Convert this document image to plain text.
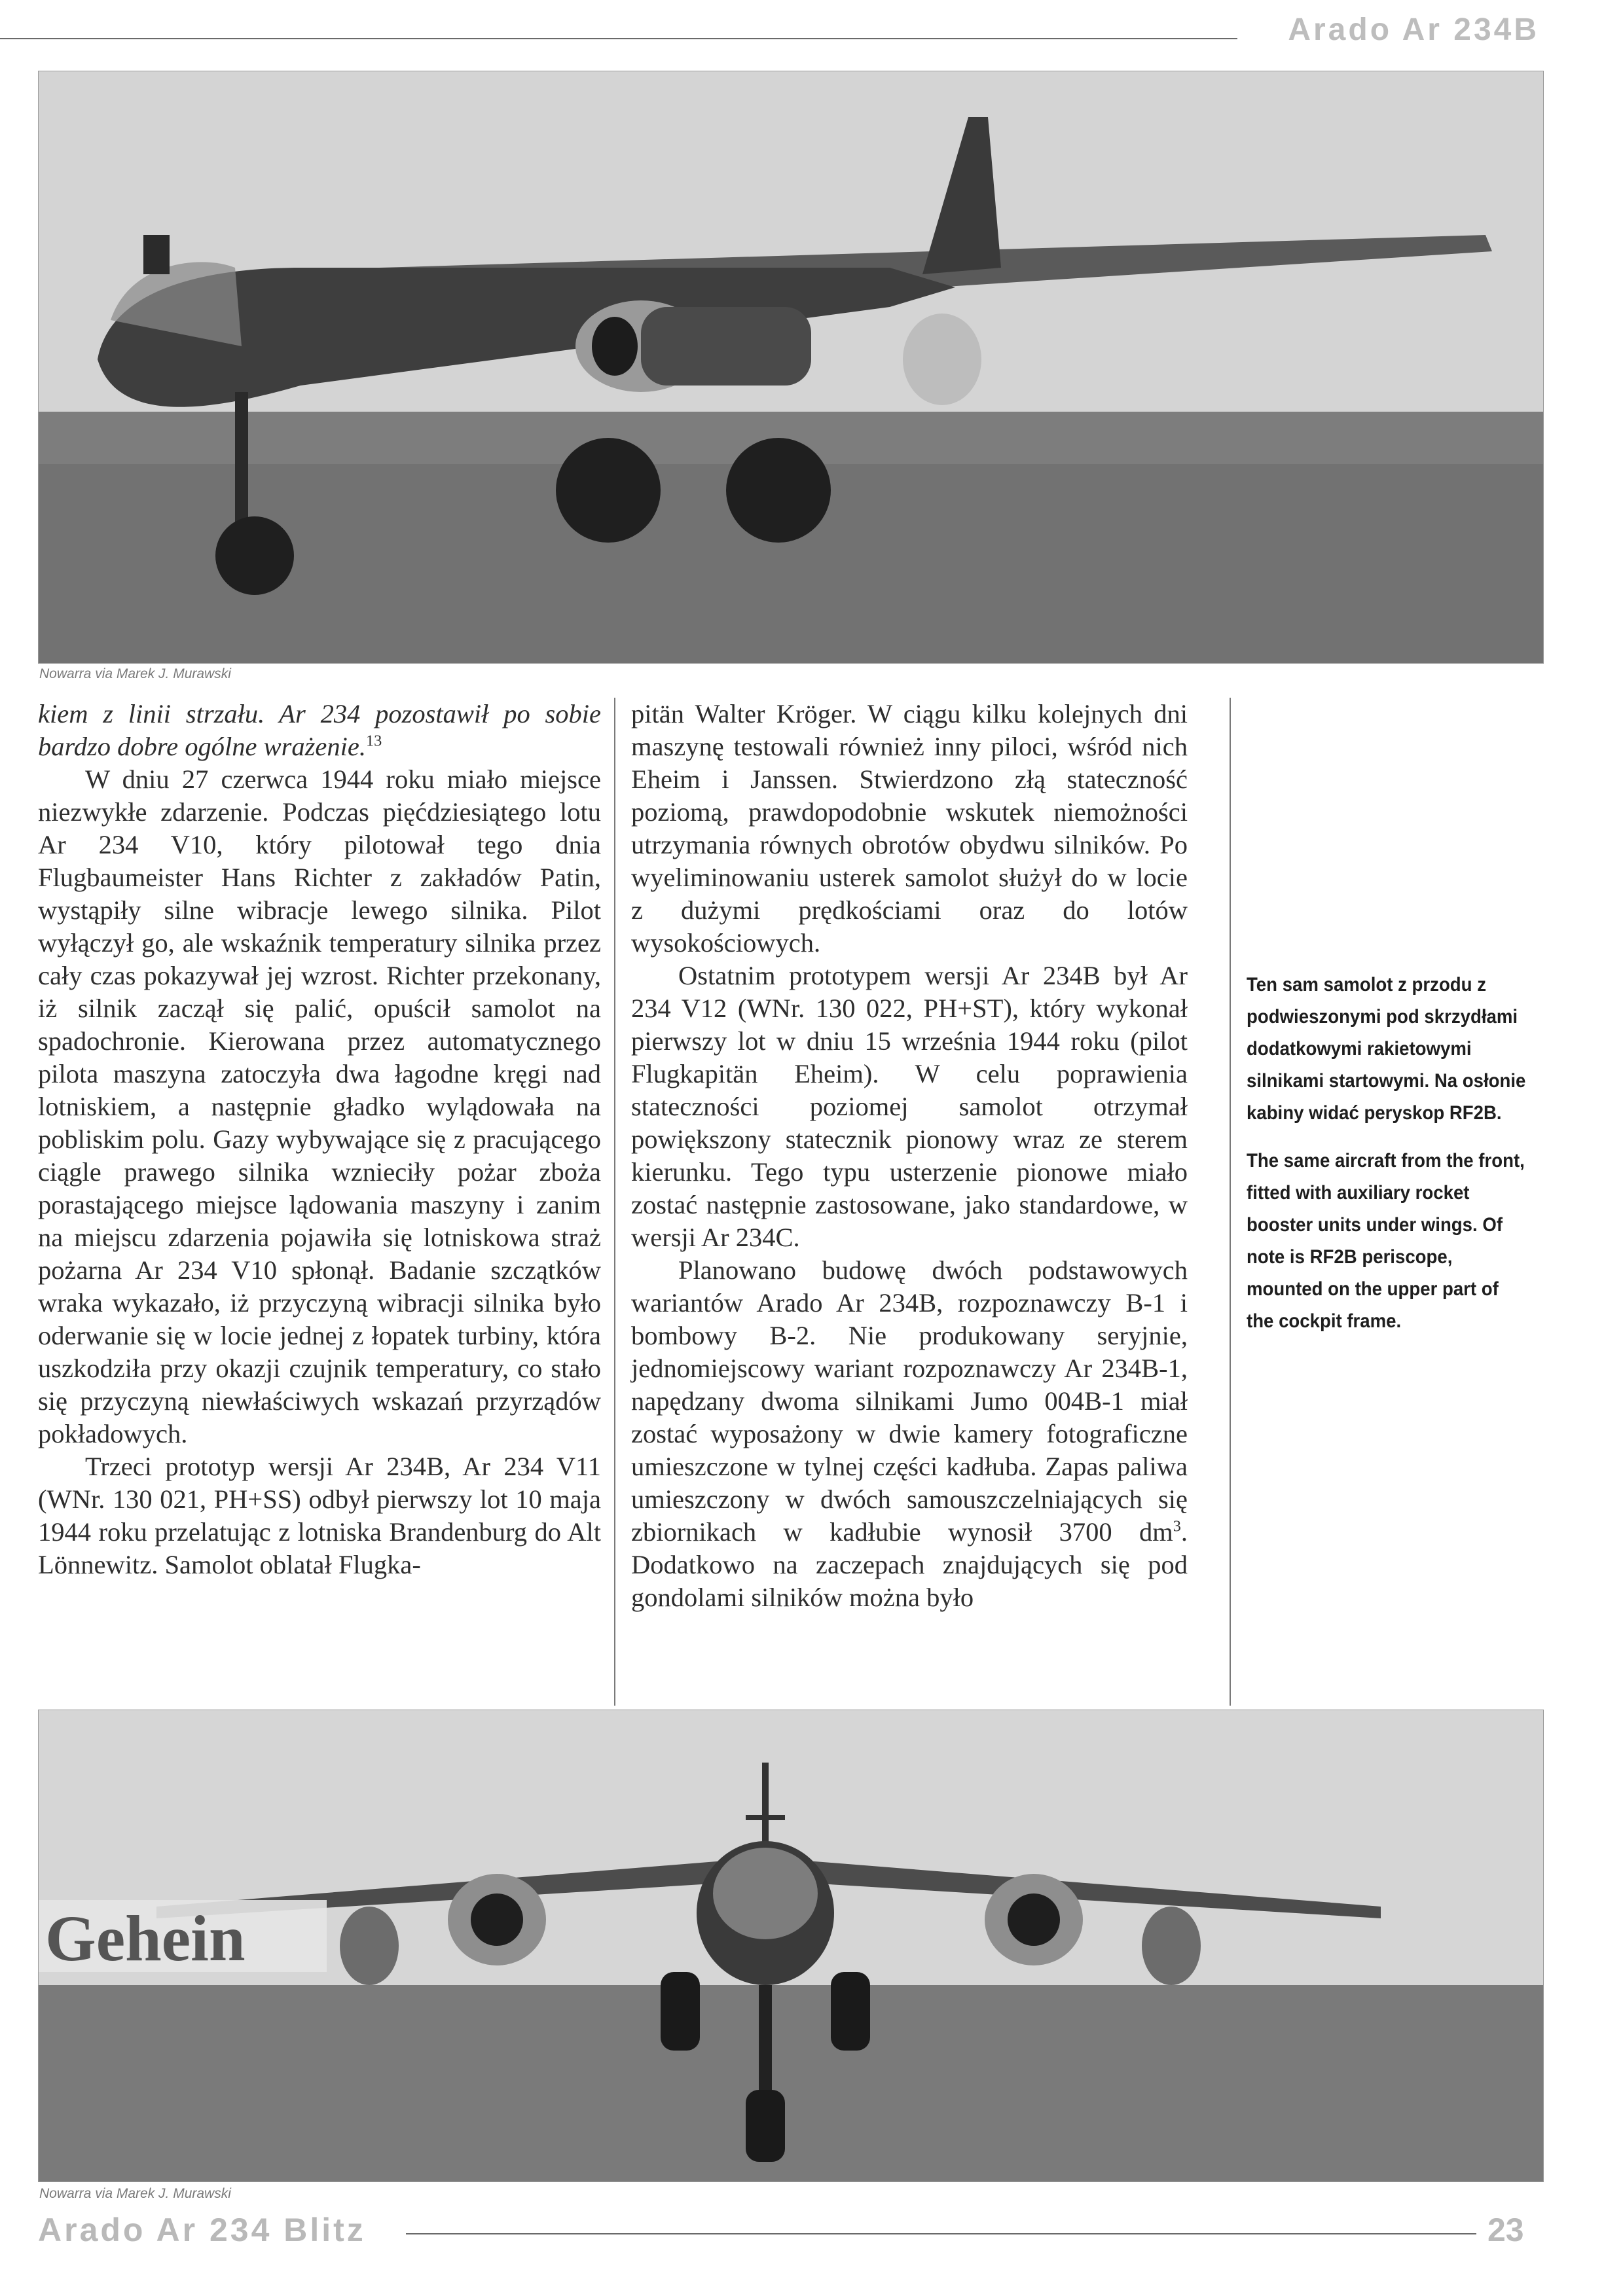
Arado Ar 234B
Nowarra via Marek J. Murawski

kiem z linii strzału. Ar 234 pozostawił po sobie bardzo dobre ogólne wrażenie.$^{13}$

W dniu 27 czerwca 1944 roku miało miejsce niezwykłe zdarzenie. Podczas pięćdziesiątego lotu Ar 234 V10, który pilotował tego dnia Flugbaumeister Hans Richter z zakładów Patin, wystąpiły silne wibracje lewego silnika. Pilot wyłączył go, ale wskaźnik temperatury silnika przez cały czas pokazywał jej wzrost. Richter przekonany, iż silnik zaczął się palić, opuścił samolot na spadochronie. Kierowana przez automatycznego pilota maszyna zatoczyła dwa łagodne kręgi nad lotniskiem, a następnie gładko wylądowała na pobliskim polu. Gazy wybywające się z pracującego ciągle prawego silnika wznieciły pożar zboża porastającego miejsce lądowania maszyny i zanim na miejscu zdarzenia pojawiła się lotniskowa straż pożarna Ar 234 V10 spłonął. Badanie szczątków wraka wykazało, iż przyczyną wibracji silnika było oderwanie się w locie jednej z łopatek turbiny, która uszkodziła przy okazji czujnik temperatury, co stało się przyczyną niewłaściwych wskazań przyrządów pokładowych.

Trzeci prototyp wersji Ar 234B, Ar 234 V11 (WNr. 130 021, PH+SS) odbył pierwszy lot 10 maja 1944 roku przelatując z lotniska Brandenburg do Alt Lönnewitz. Samolot oblatał Flugka-

pitän Walter Kröger. W ciągu kilku kolejnych dni maszynę testowali również inny piloci, wśród nich Eheim i Janssen. Stwierdzono złą stateczność poziomą, prawdopodobnie wskutek niemożności utrzymania równych obrotów obydwu silników. Po wyeliminowaniu usterek samolot służył do w locie z dużymi prędkościami oraz do lotów wysokościowych.

Ostatnim prototypem wersji Ar 234B był Ar 234 V12 (WNr. 130 022, PH+ST), który wykonał pierwszy lot w dniu 15 września 1944 roku (pilot Flugkapitän Eheim). W celu poprawienia stateczności poziomej samolot otrzymał powiększony statecznik pionowy wraz ze sterem kierunku. Tego typu usterzenie pionowe miało zostać następnie zastosowane, jako standardowe, w wersji Ar 234C.

Planowano budowę dwóch podstawowych wariantów Arado Ar 234B, rozpoznawczy B-1 i bombowy B-2. Nie produkowany seryjnie, jednomiejscowy wariant rozpoznawczy Ar 234B-1, napędzany dwoma silnikami Jumo 004B-1 miał zostać wyposażony w dwie kamery fotograficzne umieszczone w tylnej części kadłuba. Zapas paliwa umieszczony w dwóch samouszczelniających się zbiornikach w kadłubie wynosił 3700 $dm^3$. Dodatkowo na zaczepach znajdujących się pod gondolami silników można było

Ten sam samolot z przodu z podwieszonymi pod skrzydłami dodatkowymi rakietowymi silnikami startowymi. Na osłonie kabiny widać peryskop RF2B.

The same aircraft from the front, fitted with auxiliary rocket booster units under wings. Of note is RF2B periscope, mounted on the upper part of the cockpit frame.

Gehein
Nowarra via Marek J. Murawski
Arado Ar 234 Blitz	23
